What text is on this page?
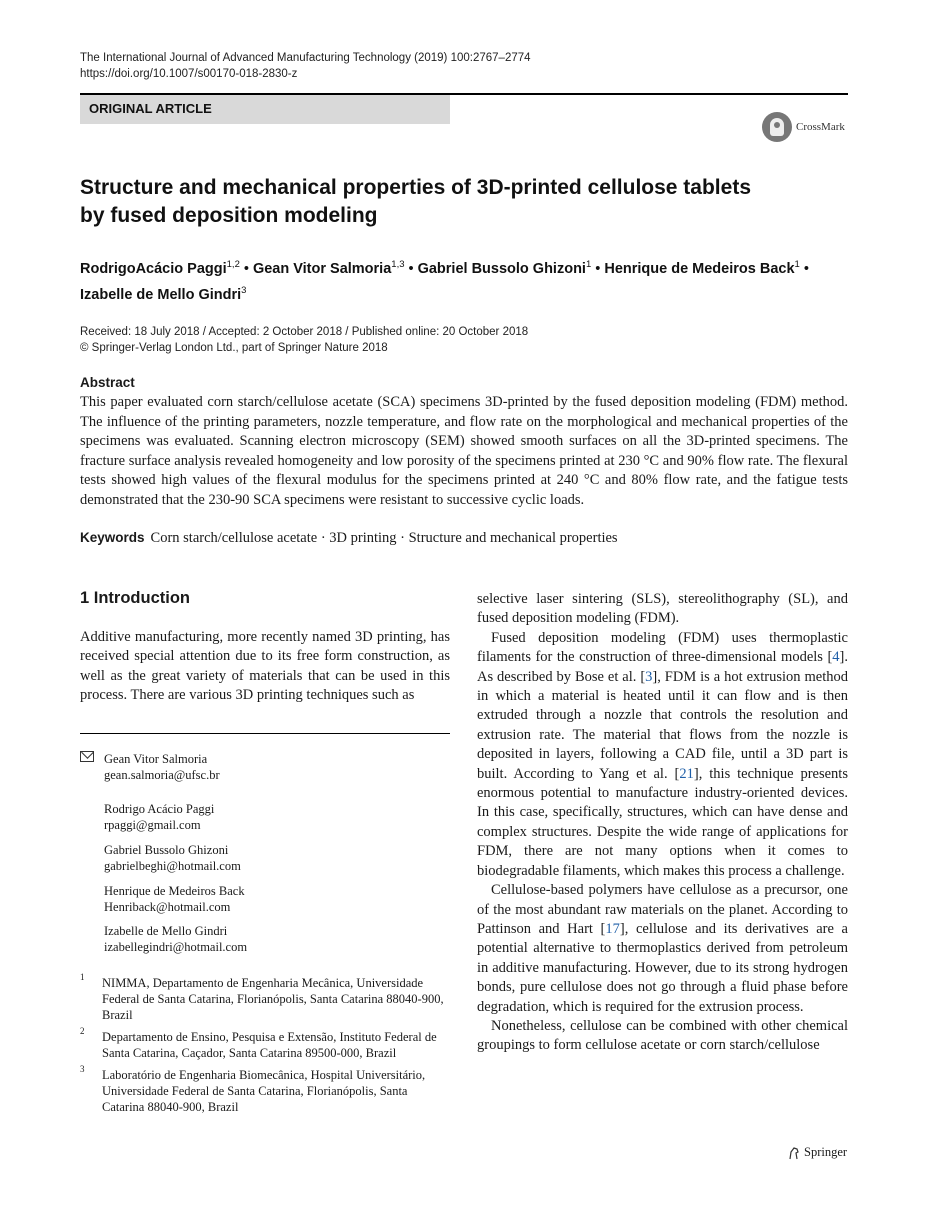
The International Journal of Advanced Manufacturing Technology (2019) 100:2767–2774
https://doi.org/10.1007/s00170-018-2830-z
ORIGINAL ARTICLE
CrossMark
Structure and mechanical properties of 3D-printed cellulose tablets
by fused deposition modeling
RodrigoAcácio Paggi$^{1,2}$ • Gean Vitor Salmoria$^{1,3}$ • Gabriel Bussolo Ghizoni$^1$ • Henrique de Medeiros Back$^1$ •
Izabelle de Mello Gindri$^3$
Received: 18 July 2018 / Accepted: 2 October 2018 / Published online: 20 October 2018
© Springer-Verlag London Ltd., part of Springer Nature 2018
Abstract
This paper evaluated corn starch/cellulose acetate (SCA) specimens 3D-printed by the fused deposition modeling (FDM) method. The influence of the printing parameters, nozzle temperature, and flow rate on the morphological and mechanical properties of the specimens was evaluated. Scanning electron microscopy (SEM) showed smooth surfaces on all the 3D-printed specimens. The fracture surface analysis revealed homogeneity and low porosity of the specimens printed at 230 °C and 90% flow rate. The flexural tests showed high values of the flexural modulus for the specimens printed at 240 °C and 80% flow rate, and the fatigue tests demonstrated that the 230-90 SCA specimens were resistant to successive cyclic loads.
Keywords Corn starch/cellulose acetate · 3D printing · Structure and mechanical properties
1 Introduction

Additive manufacturing, more recently named 3D printing, has received special attention due to its free form construction, as well as the great variety of materials that can be used in this process. There are various 3D printing techniques such as

selective laser sintering (SLS), stereolithography (SL), and fused deposition modeling (FDM).

Fused deposition modeling (FDM) uses thermoplastic filaments for the construction of three-dimensional models [4]. As described by Bose et al. [3], FDM is a hot extrusion method in which a material is heated until it can flow and is then extruded through a nozzle that controls the resolution and extrusion rate. The material that flows from the nozzle is deposited in layers, following a CAD file, until a 3D part is built. According to Yang et al. [21], this technique presents enormous potential to manufacture industry-oriented devices. In this case, specifically, structures, which can have dense and complex structures. Despite the wide range of applications for FDM, there are not many options when it comes to biodegradable filaments, which makes this process a challenge.

Cellulose-based polymers have cellulose as a precursor, one of the most abundant raw materials on the planet. According to Pattinson and Hart [17], cellulose and its derivatives are a potential alternative to thermoplastics derived from petroleum in additive manufacturing. However, due to its strong hydrogen bonds, pure cellulose does not go through a fluid phase before degradation, which is required for the extrusion process.

Nonetheless, cellulose can be combined with other chemical groupings to form cellulose acetate or corn starch/cellulose

Gean Vitor Salmoria
gean.salmoria@ufsc.br
Rodrigo Acácio Paggi
rpaggi@gmail.com
Gabriel Bussolo Ghizoni
gabrielbeghi@hotmail.com
Henrique de Medeiros Back
Henriback@hotmail.com
Izabelle de Mello Gindri
izabellegindri@hotmail.com
1 NIMMA, Departamento de Engenharia Mecânica, Universidade Federal de Santa Catarina, Florianópolis, Santa Catarina 88040-900, Brazil
2 Departamento de Ensino, Pesquisa e Extensão, Instituto Federal de Santa Catarina, Caçador, Santa Catarina 89500-000, Brazil
3 Laboratório de Engenharia Biomecânica, Hospital Universitário, Universidade Federal de Santa Catarina, Florianópolis, Santa Catarina 88040-900, Brazil
Springer
